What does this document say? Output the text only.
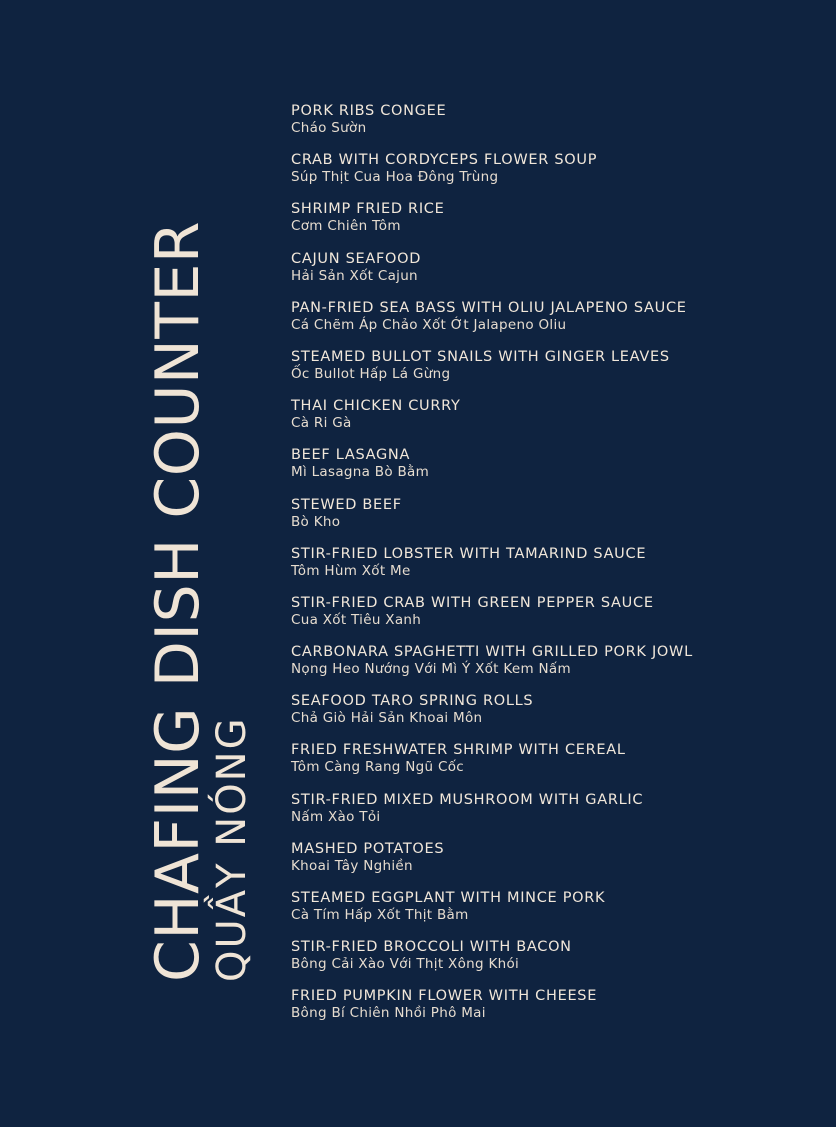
CHAFING DISH COUNTER
QUẦY NÓNG
PORK RIBS CONGEE
Cháo Sườn
CRAB WITH CORDYCEPS FLOWER SOUP
Súp Thịt Cua Hoa Đông Trùng
SHRIMP FRIED RICE
Cơm Chiên Tôm
CAJUN SEAFOOD
Hải Sản Xốt Cajun
PAN-FRIED SEA BASS WITH OLIU JALAPENO SAUCE
Cá Chẽm Áp Chảo Xốt Ớt Jalapeno Oliu
STEAMED BULLOT SNAILS WITH GINGER LEAVES
Ốc Bullot Hấp Lá Gừng
THAI CHICKEN CURRY
Cà Ri Gà
BEEF LASAGNA
Mì Lasagna Bò Bằm
STEWED BEEF
Bò Kho
STIR-FRIED LOBSTER WITH TAMARIND SAUCE
Tôm Hùm Xốt Me
STIR-FRIED CRAB WITH GREEN PEPPER SAUCE
Cua Xốt Tiêu Xanh
CARBONARA SPAGHETTI WITH GRILLED PORK JOWL
Nọng Heo Nướng Với Mì Ý Xốt Kem Nấm
SEAFOOD TARO SPRING ROLLS
Chả Giò Hải Sản Khoai Môn
FRIED FRESHWATER SHRIMP WITH CEREAL
Tôm Càng Rang Ngũ Cốc
STIR-FRIED MIXED MUSHROOM WITH GARLIC
Nấm Xào Tỏi
MASHED POTATOES
Khoai Tây Nghiền
STEAMED EGGPLANT WITH MINCE PORK
Cà Tím Hấp Xốt Thịt Bằm
STIR-FRIED BROCCOLI WITH BACON
Bông Cải Xào Với Thịt Xông Khói
FRIED PUMPKIN FLOWER WITH CHEESE
Bông Bí Chiên Nhồi Phô Mai
